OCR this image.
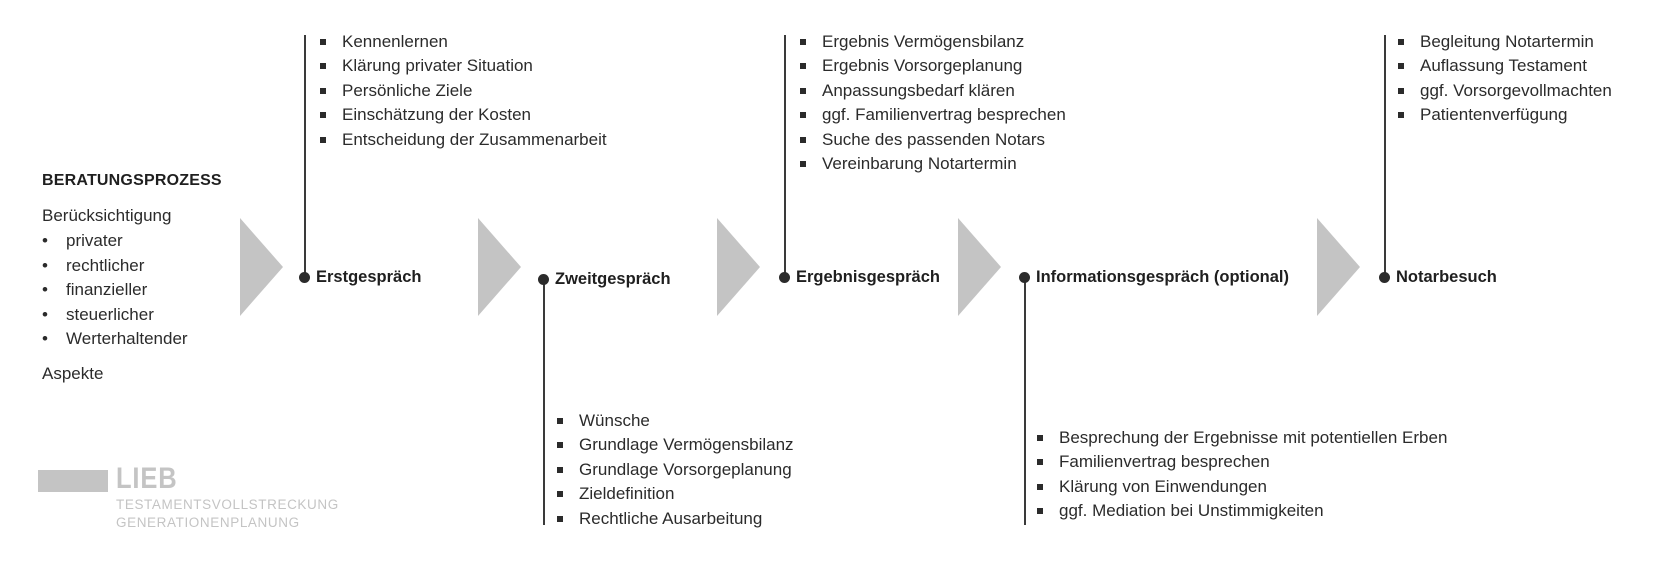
BERATUNGSPROZESS
Berücksichtigung
• privater
• rechtlicher
• finanzieller
• steuerlicher
• Werterhaltender
Aspekte
Erstgespräch
Kennenlernen
Klärung privater Situation
Persönliche Ziele
Einschätzung der Kosten
Entscheidung der Zusammenarbeit
Zweitgespräch
Wünsche
Grundlage Vermögensbilanz
Grundlage Vorsorgeplanung
Zieldefinition
Rechtliche Ausarbeitung
Ergebnisgespräch
Ergebnis Vermögensbilanz
Ergebnis Vorsorgeplanung
Anpassungsbedarf klären
ggf. Familienvertrag besprechen
Suche des passenden Notars
Vereinbarung Notartermin
Informationsgespräch (optional)
Besprechung der Ergebnisse mit potentiellen Erben
Familienvertrag besprechen
Klärung von Einwendungen
ggf. Mediation bei Unstimmigkeiten
Notarbesuch
Begleitung Notartermin
Auflassung Testament
ggf. Vorsorgevollmachten
Patientenverfügung
LIEB
TESTAMENTSVOLLSTRECKUNG
GENERATIONENPLANUNG
